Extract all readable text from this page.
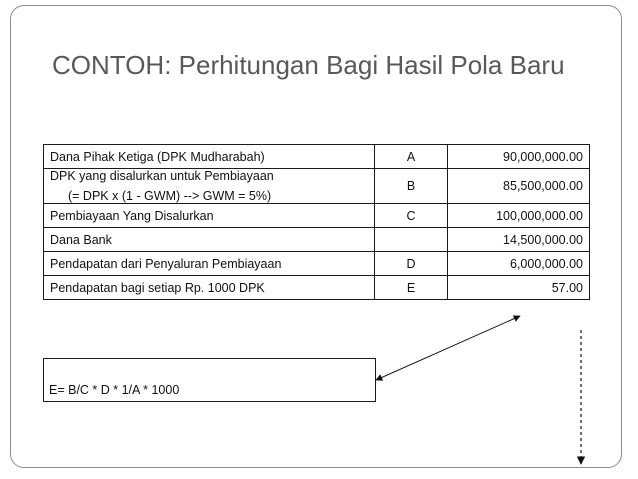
CONTOH: Perhitungan Bagi Hasil Pola Baru
Dana Pihak Ketiga (DPK Mudharabah)	A	90,000,000.00
DPK yang disalurkan untuk Pembiayaan
(= DPK x (1 - GWM) --> GWM = 5%)	B	85,500,000.00
Pembiayaan Yang Disalurkan	C	100,000,000.00
Dana Bank		14,500,000.00
Pendapatan dari Penyaluran Pembiayaan	D	6,000,000.00
Pendapatan bagi setiap Rp. 1000 DPK	E	57.00
E= B/C * D * 1/A * 1000
